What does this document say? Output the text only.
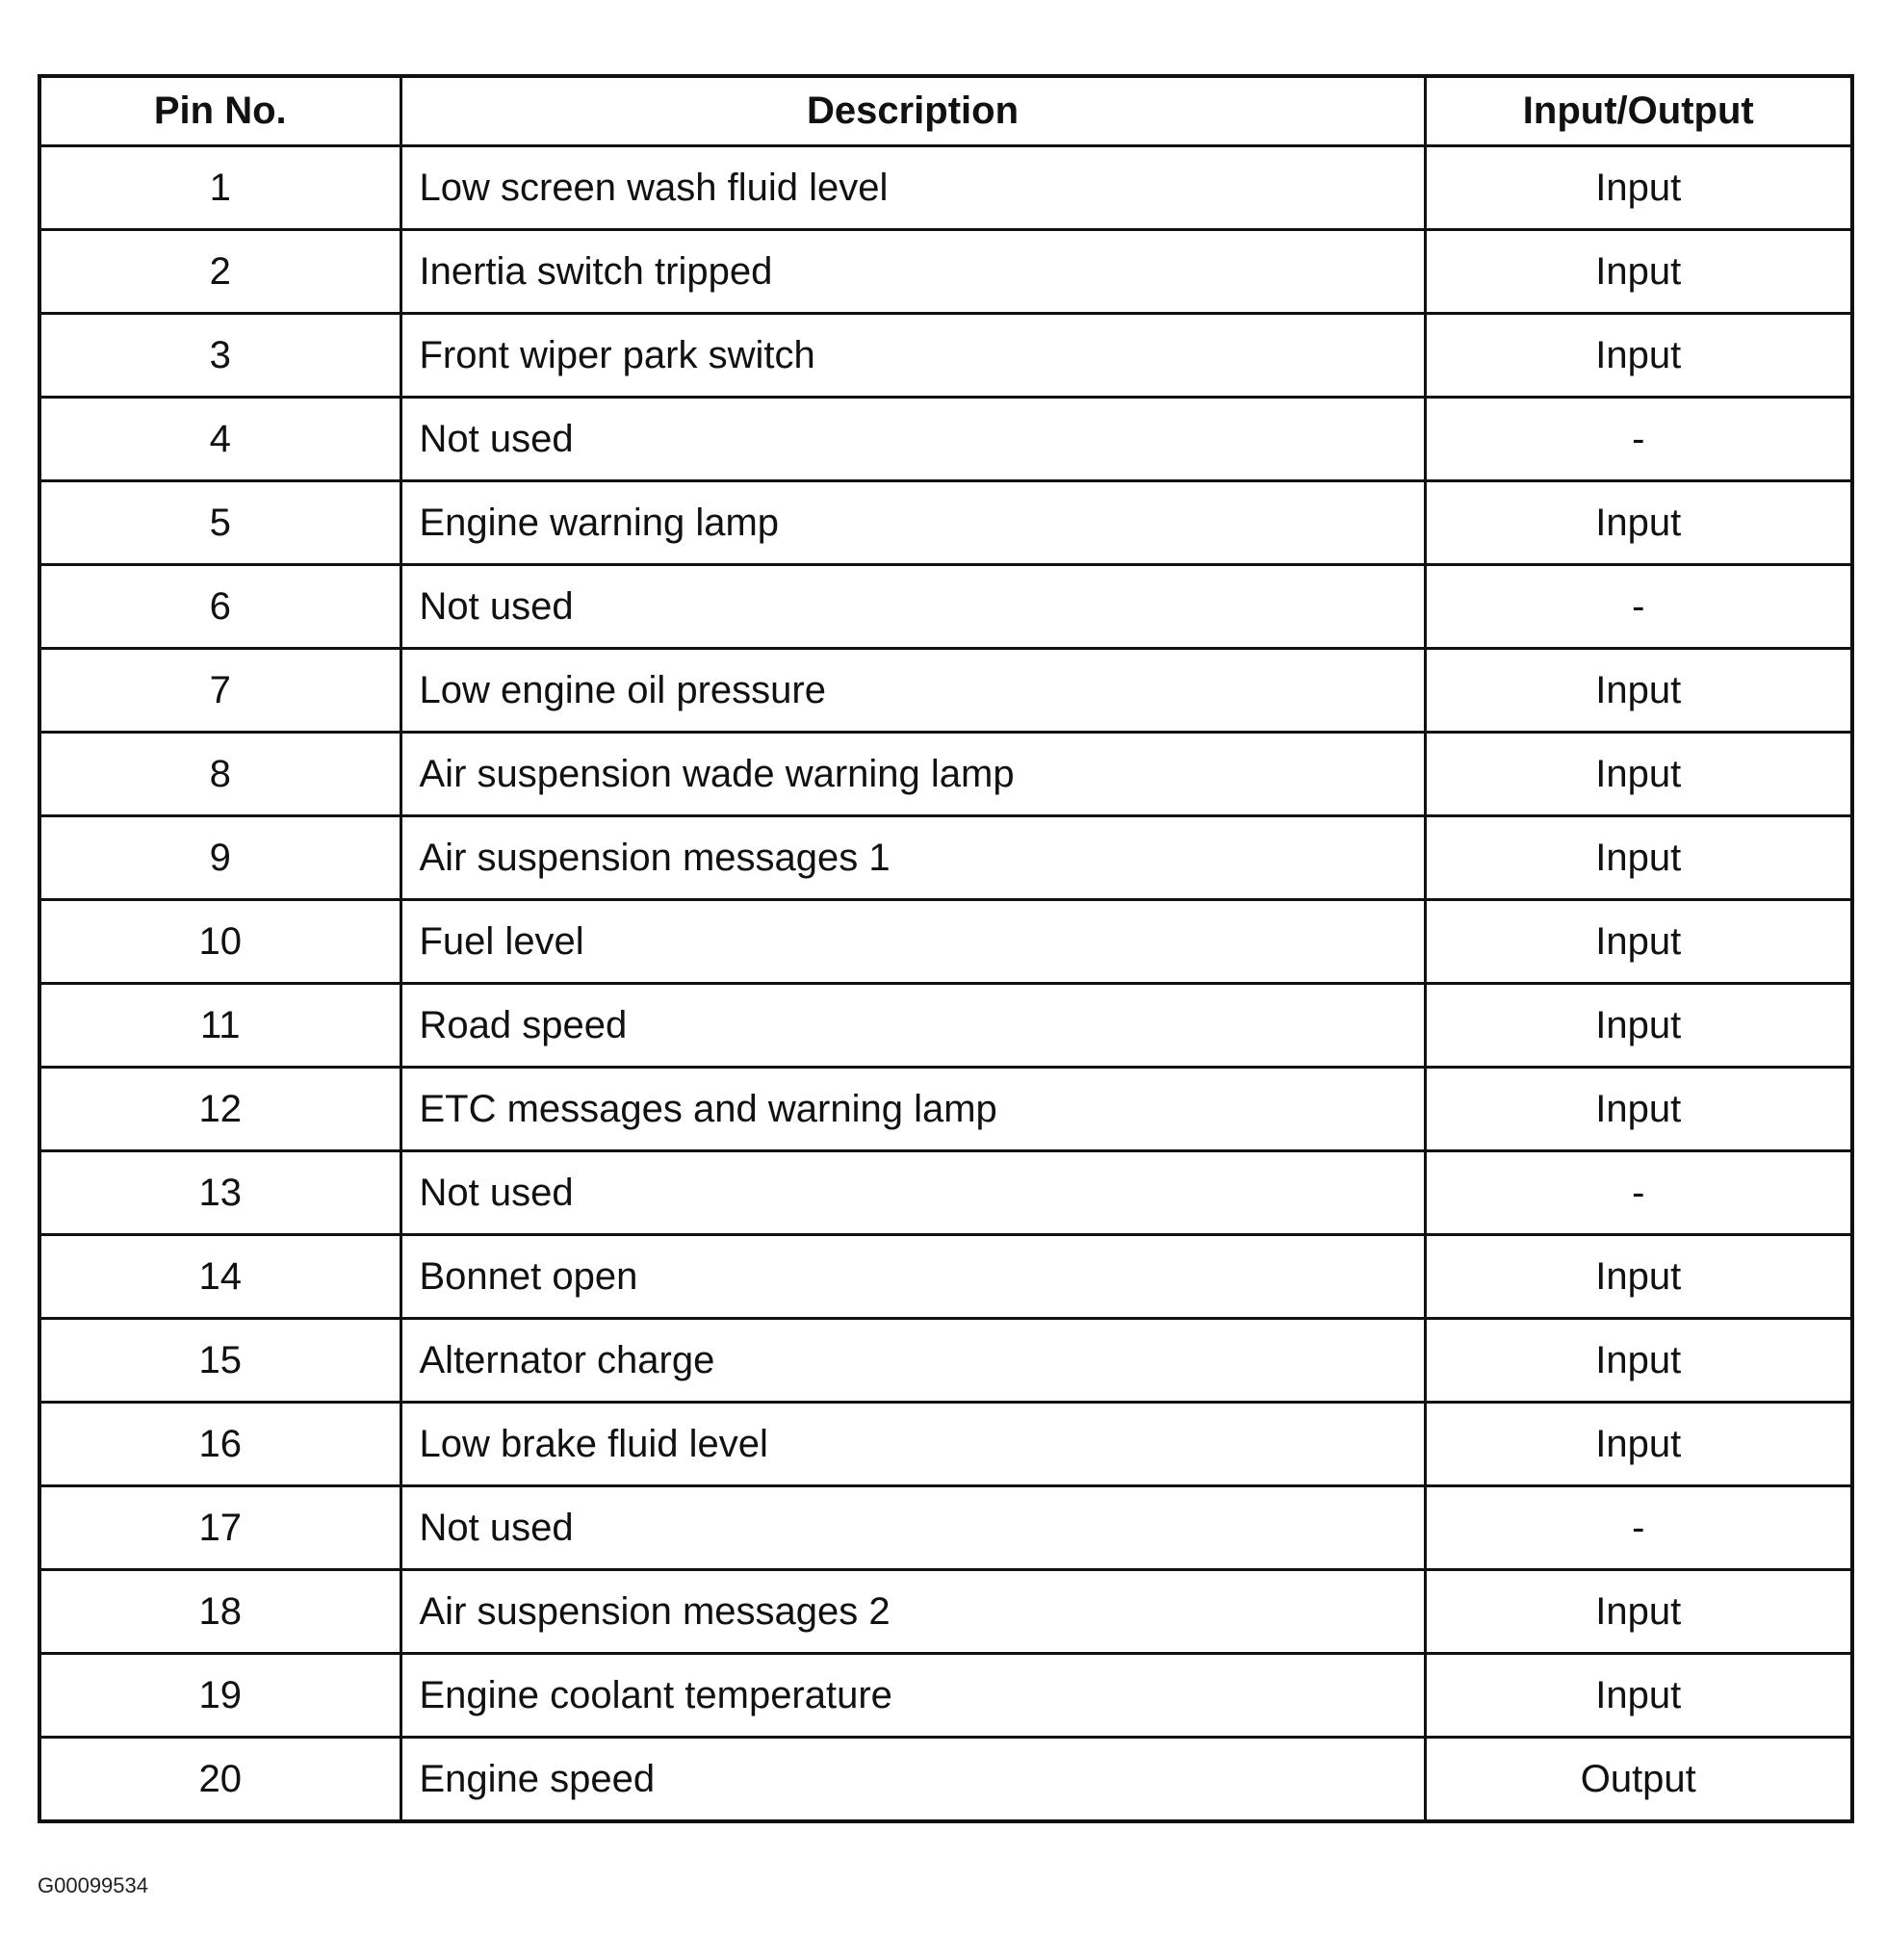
Pin No.	Description	Input/Output
1	Low screen wash fluid level	Input
2	Inertia switch tripped	Input
3	Front wiper park switch	Input
4	Not used	-
5	Engine warning lamp	Input
6	Not used	-
7	Low engine oil pressure	Input
8	Air suspension wade warning lamp	Input
9	Air suspension messages 1	Input
10	Fuel level	Input
11	Road speed	Input
12	ETC messages and warning lamp	Input
13	Not used	-
14	Bonnet open	Input
15	Alternator charge	Input
16	Low brake fluid level	Input
17	Not used	-
18	Air suspension messages 2	Input
19	Engine coolant temperature	Input
20	Engine speed	Output
G00099534
